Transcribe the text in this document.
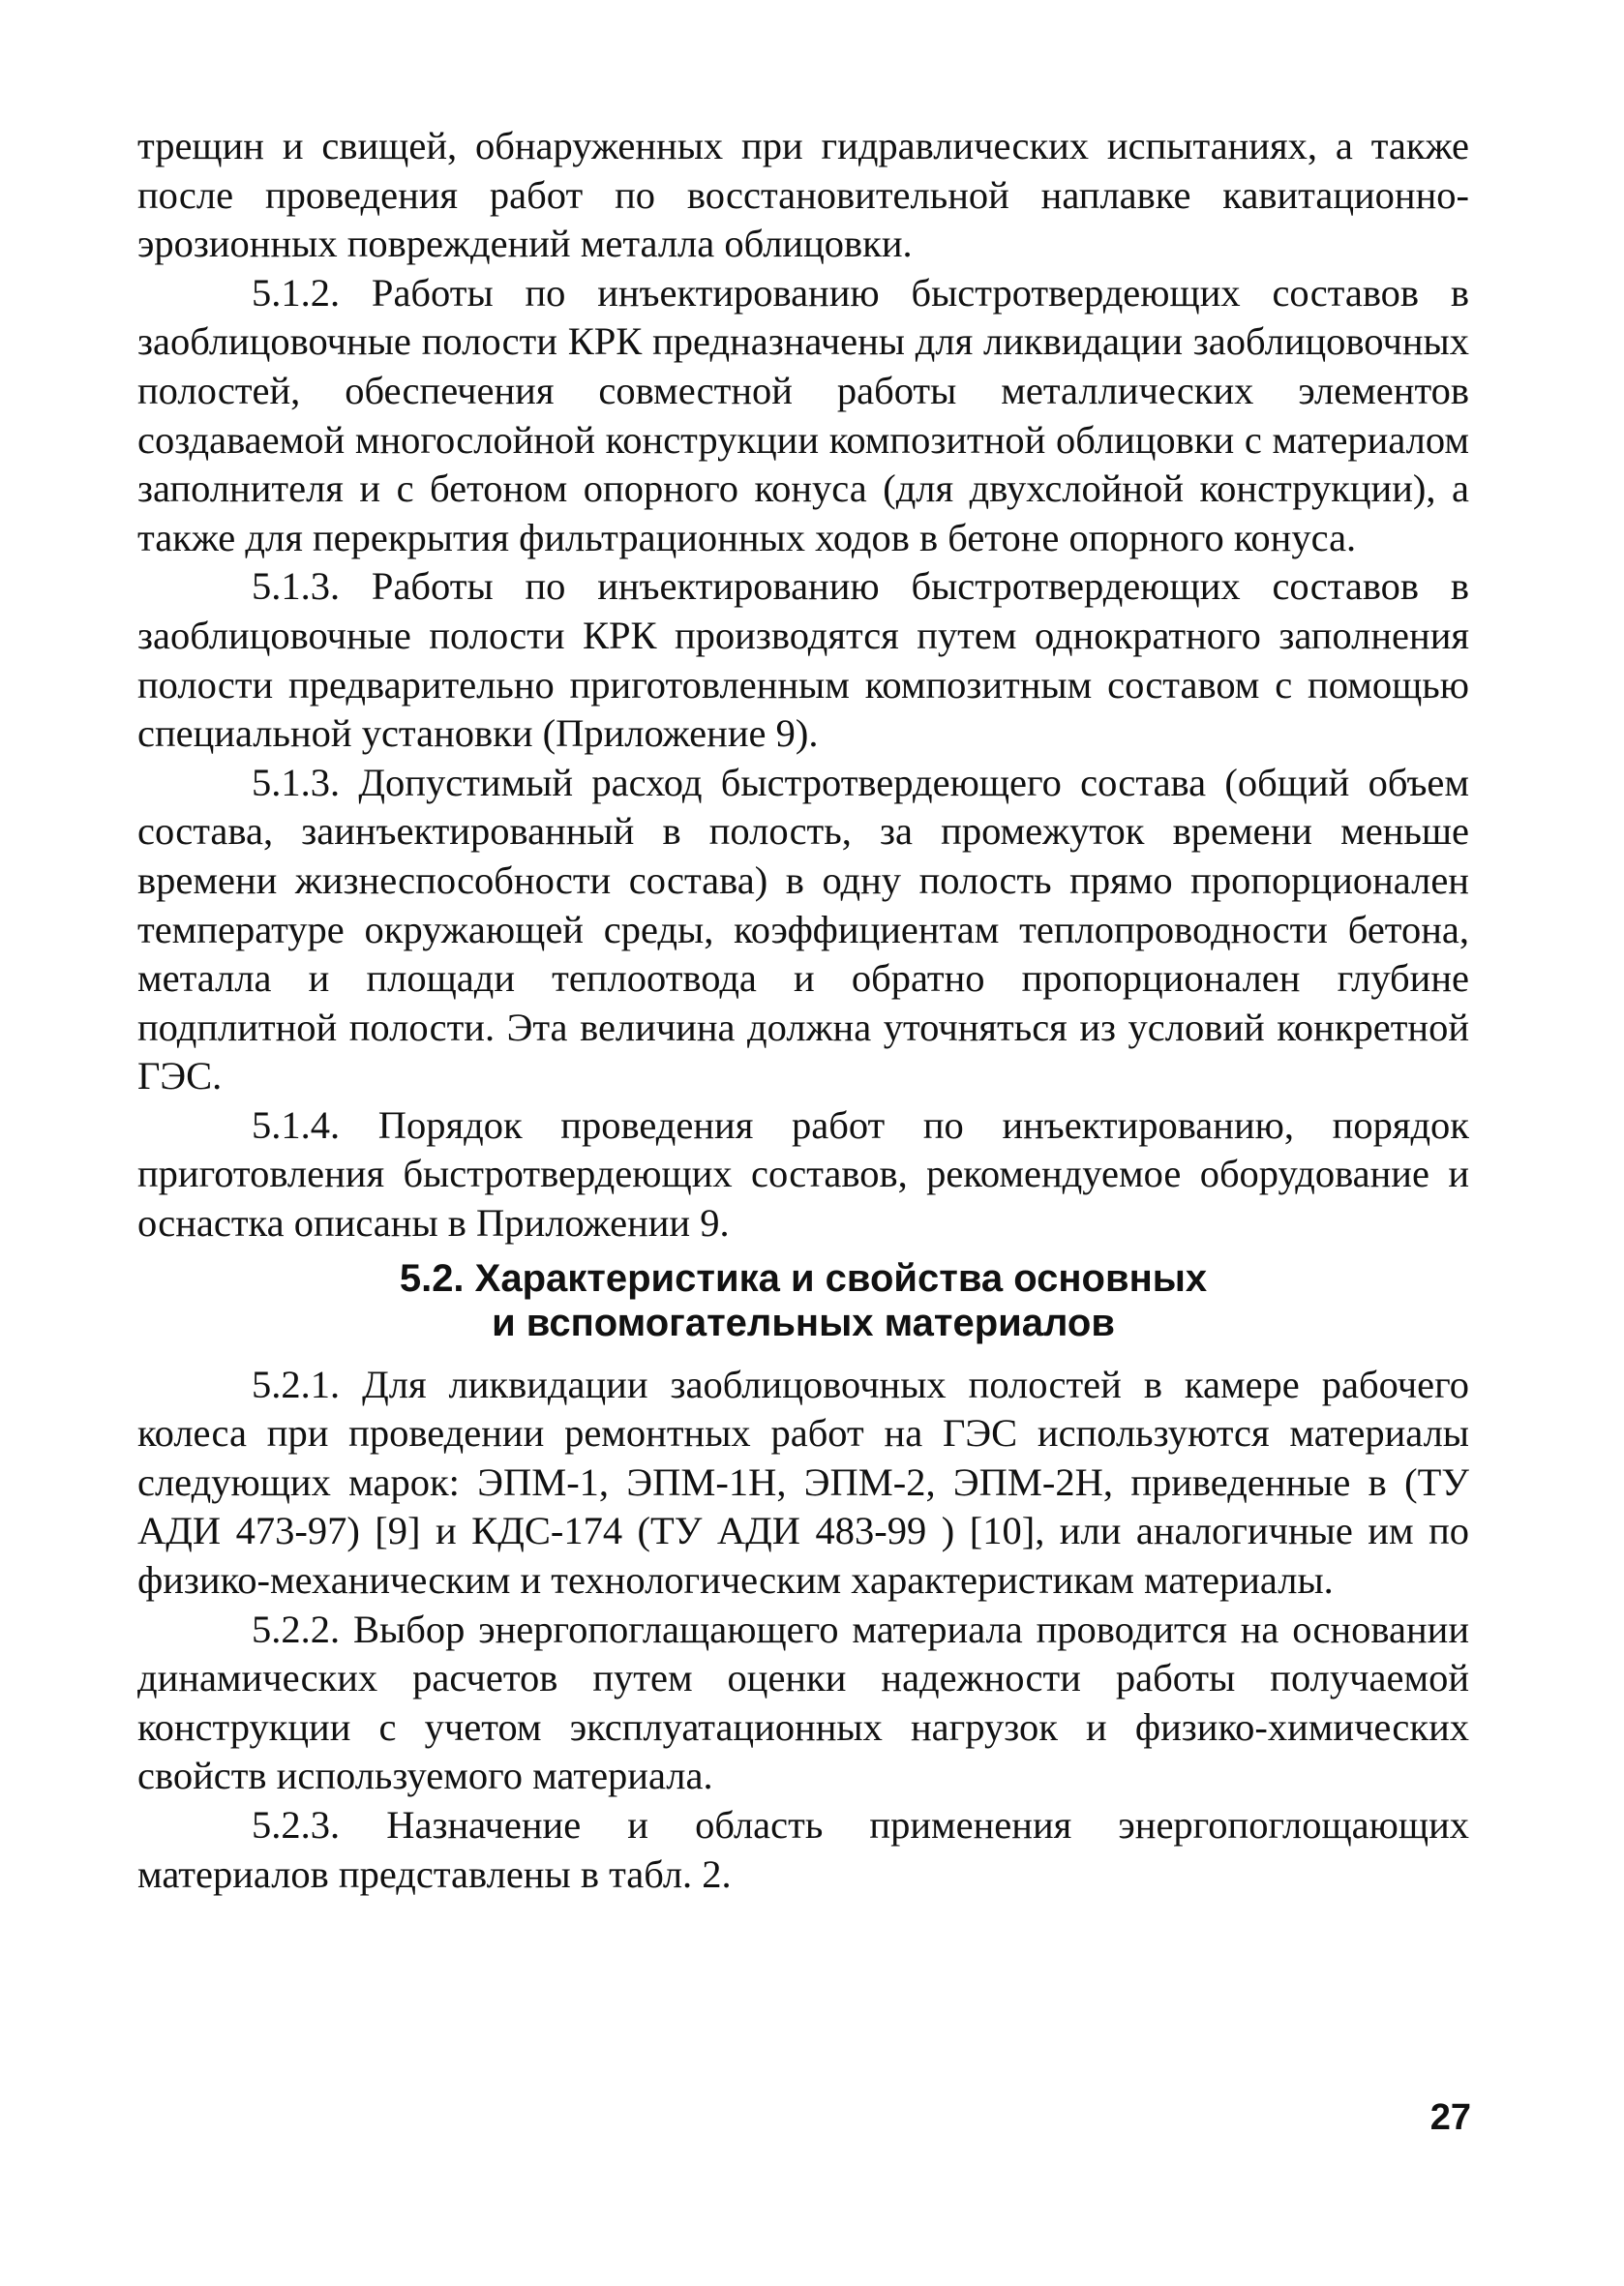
трещин и свищей, обнаруженных при гидравлических испытаниях, а также после проведения работ по восстановительной наплавке кавитационно-эрозионных повреждений металла облицовки.

5.1.2. Работы по инъектированию быстротвердеющих составов в заоблицовочные полости КРК предназначены для ликвидации заоблицовочных полостей, обеспечения совместной работы металлических элементов создаваемой многослойной конструкции композитной облицовки с материалом заполнителя и с бетоном опорного конуса (для двухслойной конструкции), а также для перекрытия фильтрационных ходов в бетоне опорного конуса.

5.1.3. Работы по инъектированию быстротвердеющих составов в заоблицовочные полости КРК производятся путем однократного заполнения полости предварительно приготовленным композитным составом с помощью специальной установки (Приложение 9).

5.1.3. Допустимый расход быстротвердеющего состава (общий объем состава, заинъектированный в полость, за промежуток времени меньше времени жизнеспособности состава) в одну полость прямо пропорционален температуре окружающей среды, коэффициентам теплопроводности бетона, металла и площади теплоотвода и обратно пропорционален глубине подплитной полости. Эта величина должна уточняться из условий конкретной ГЭС.

5.1.4. Порядок проведения работ по инъектированию, порядок приготовления быстротвердеющих составов, рекомендуемое оборудование и оснастка описаны в Приложении 9.

5.2. Характеристика и свойства основных
и вспомогательных материалов

5.2.1. Для ликвидации заоблицовочных полостей в камере рабочего колеса при проведении ремонтных работ на ГЭС используются материалы следующих марок: ЭПМ-1, ЭПМ-1Н, ЭПМ-2, ЭПМ-2Н, приведенные в (ТУ АДИ 473-97) [9] и КДС-174 (ТУ АДИ 483-99 ) [10], или аналогичные им по физико-механическим и технологическим характеристикам материалы.

5.2.2. Выбор энергопоглащающего материала проводится на основании динамических расчетов путем оценки надежности работы получаемой конструкции с учетом эксплуатационных нагрузок и физико-химических свойств используемого материала.

5.2.3. Назначение и область применения энергопоглощающих материалов представлены в табл. 2.

27
